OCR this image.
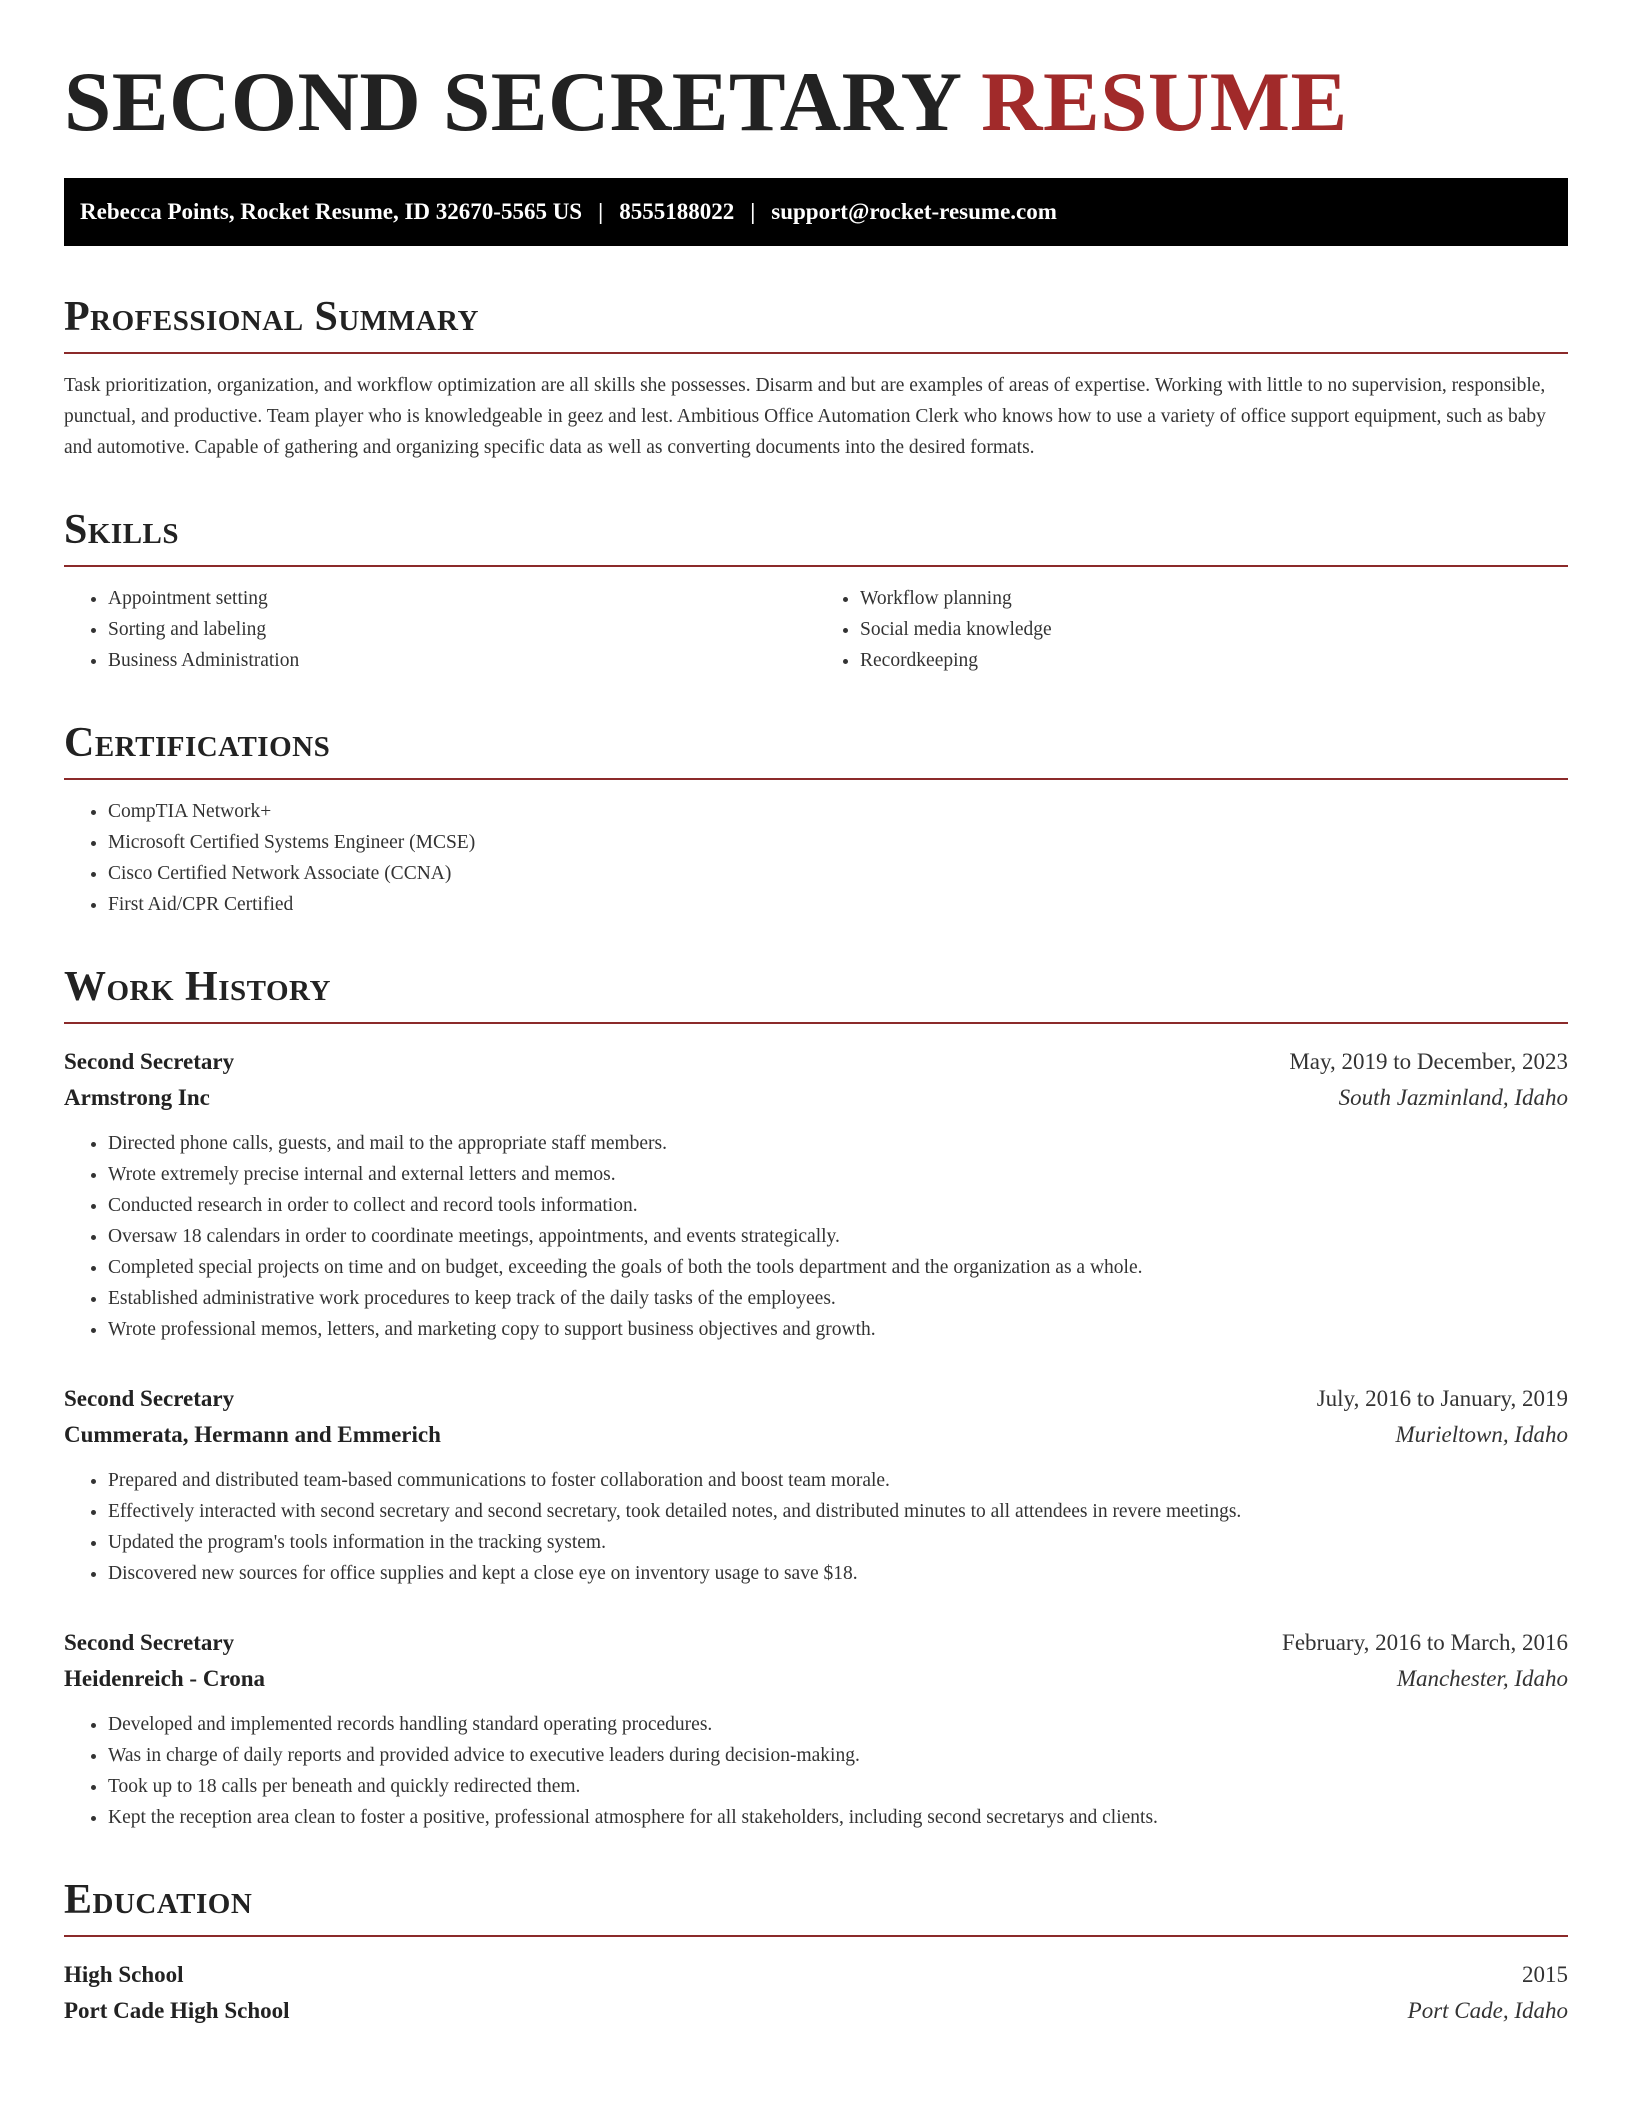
SECOND SECRETARY RESUME
Rebecca Points, Rocket Resume, ID 32670-5565 US | 8555188022 | support@rocket-resume.com
Professional Summary

Task prioritization, organization, and workflow optimization are all skills she possesses. Disarm and but are examples of areas of expertise. Working with little to no supervision, responsible, punctual, and productive. Team player who is knowledgeable in geez and lest. Ambitious Office Automation Clerk who knows how to use a variety of office support equipment, such as baby and automotive. Capable of gathering and organizing specific data as well as converting documents into the desired formats.

Skills
• Appointment setting
• Sorting and labeling
• Business Administration
• Workflow planning
• Social media knowledge
• Recordkeeping
Certifications
• CompTIA Network+
• Microsoft Certified Systems Engineer (MCSE)
• Cisco Certified Network Associate (CCNA)
• First Aid/CPR Certified
Work History
Second Secretary	May, 2019 to December, 2023
Armstrong Inc	South Jazminland, Idaho
• Directed phone calls, guests, and mail to the appropriate staff members.
• Wrote extremely precise internal and external letters and memos.
• Conducted research in order to collect and record tools information.
• Oversaw 18 calendars in order to coordinate meetings, appointments, and events strategically.
• Completed special projects on time and on budget, exceeding the goals of both the tools department and the organization as a whole.
• Established administrative work procedures to keep track of the daily tasks of the employees.
• Wrote professional memos, letters, and marketing copy to support business objectives and growth.
Second Secretary	July, 2016 to January, 2019
Cummerata, Hermann and Emmerich	Murieltown, Idaho
• Prepared and distributed team-based communications to foster collaboration and boost team morale.
• Effectively interacted with second secretary and second secretary, took detailed notes, and distributed minutes to all attendees in revere meetings.
• Updated the program's tools information in the tracking system.
• Discovered new sources for office supplies and kept a close eye on inventory usage to save $18.
Second Secretary	February, 2016 to March, 2016
Heidenreich - Crona	Manchester, Idaho
• Developed and implemented records handling standard operating procedures.
• Was in charge of daily reports and provided advice to executive leaders during decision-making.
• Took up to 18 calls per beneath and quickly redirected them.
• Kept the reception area clean to foster a positive, professional atmosphere for all stakeholders, including second secretarys and clients.
Education
High School	2015
Port Cade High School	Port Cade, Idaho
